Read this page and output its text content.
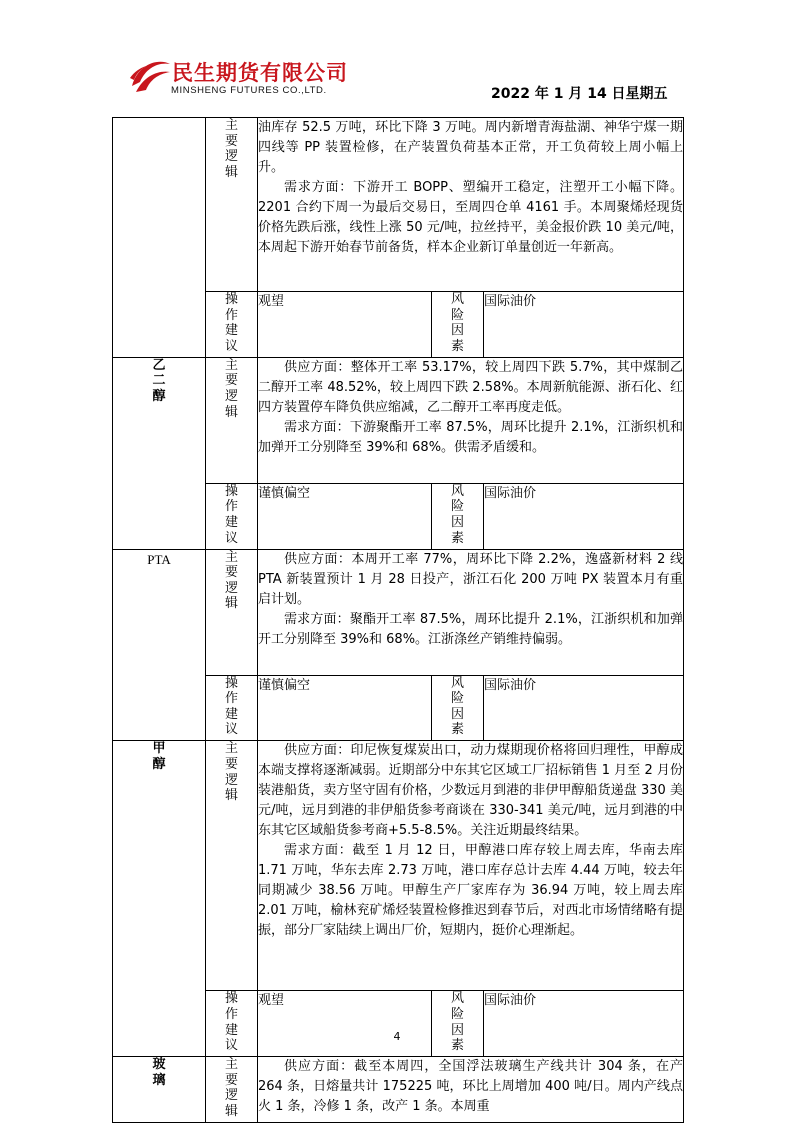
民生期货有限公司
MINSHENG FUTURES CO.,LTD.	2022 年 1 月 14 日星期五
	主要逻辑	油库存 52.5 万吨，环比下降 3 万吨。周内新增青海盐湖、神华宁煤一期四线等 PP 装置检修，在产装置负荷基本正常，开工负荷较上周小幅上升。

需求方面：下游开工 BOPP、塑编开工稳定，注塑开工小幅下降。2201 合约下周一为最后交易日，至周四仓单 4161 手。本周聚烯烃现货价格先跌后涨，线性上涨 50 元/吨，拉丝持平，美金报价跌 10 美元/吨，本周起下游开始春节前备货，样本企业新订单量创近一年新高。		

	操作建议	观望	风险因素	国际油价
乙二醇	主要逻辑	供应方面：整体开工率 53.17%，较上周四下跌 5.7%，其中煤制乙二醇开工率 48.52%，较上周四下跌 2.58%。本周新航能源、浙石化、红四方装置停车降负供应缩减，乙二醇开工率再度走低。

需求方面：下游聚酯开工率 87.5%，周环比提升 2.1%，江浙织机和加弹开工分别降至 39%和 68%。供需矛盾缓和。		

	操作建议	谨慎偏空	风险因素	国际油价
PTA	主要逻辑	供应方面：本周开工率 77%，周环比下降 2.2%，逸盛新材料 2 线 PTA 新装置预计 1 月 28 日投产，浙江石化 200 万吨 PX 装置本月有重启计划。

需求方面：聚酯开工率 87.5%，周环比提升 2.1%，江浙织机和加弹开工分别降至 39%和 68%。江浙涤丝产销维持偏弱。		

	操作建议	谨慎偏空	风险因素	国际油价
甲醇	主要逻辑	供应方面：印尼恢复煤炭出口，动力煤期现价格将回归理性，甲醇成本端支撑将逐渐减弱。近期部分中东其它区域工厂招标销售 1 月至 2 月份装港船货，卖方坚守固有价格，少数远月到港的非伊甲醇船货递盘 330 美元/吨，远月到港的非伊船货参考商谈在 330-341 美元/吨，远月到港的中东其它区域船货参考商+5.5-8.5%。关注近期最终结果。

需求方面：截至 1 月 12 日，甲醇港口库存较上周去库，华南去库 1.71 万吨，华东去库 2.73 万吨，港口库存总计去库 4.44 万吨，较去年同期减少 38.56 万吨。甲醇生产厂家库存为 36.94 万吨，较上周去库 2.01 万吨，榆林兖矿烯烃装置检修推迟到春节后，对西北市场情绪略有提振，部分厂家陆续上调出厂价，短期内，挺价心理渐起。		

	操作建议	观望	风险因素	国际油价
玻璃	主要逻辑	供应方面：截至本周四，全国浮法玻璃生产线共计 304 条，在产 264 条，日熔量共计 175225 吨，环比上周增加 400 吨/日。周内产线点火 1 条，冷修 1 条，改产 1 条。本周重		

4
